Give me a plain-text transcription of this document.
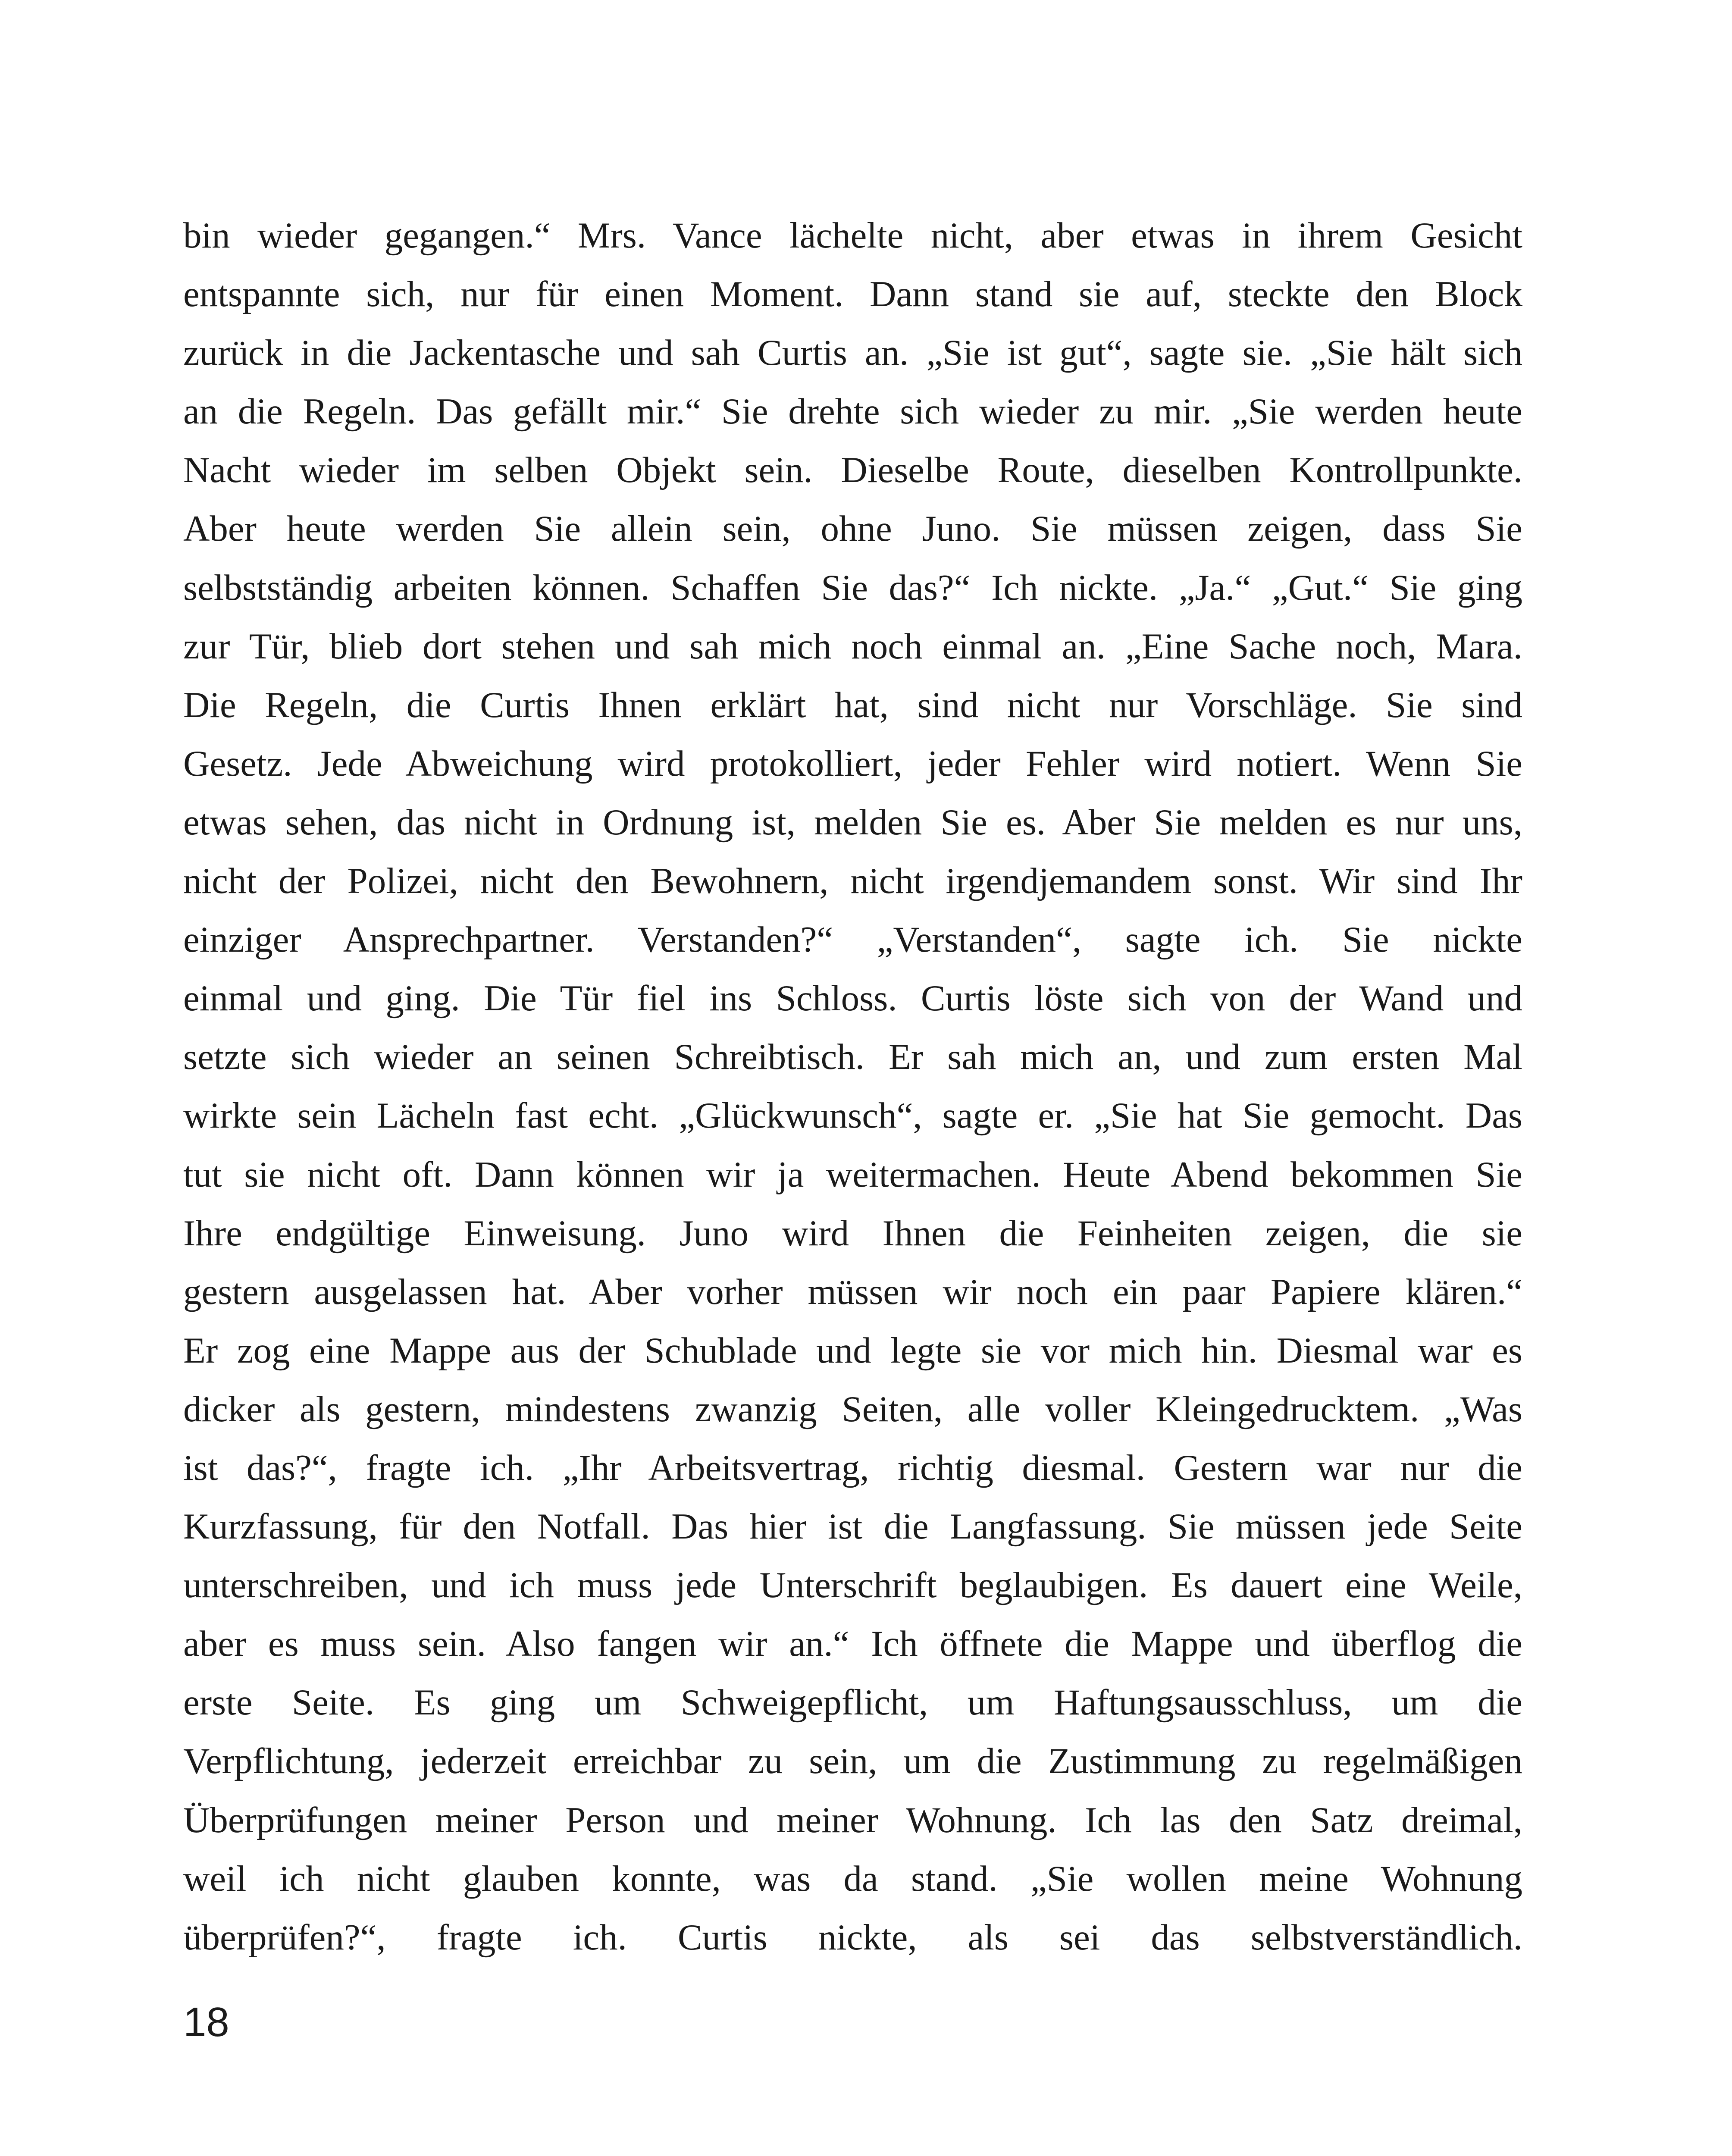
bin wieder gegangen.“ Mrs. Vance lächelte nicht, aber etwas in ihrem Gesicht
entspannte sich, nur für einen Moment. Dann stand sie auf, steckte den Block
zurück in die Jackentasche und sah Curtis an. „Sie ist gut“, sagte sie. „Sie hält sich
an die Regeln. Das gefällt mir.“ Sie drehte sich wieder zu mir. „Sie werden heute
Nacht wieder im selben Objekt sein. Dieselbe Route, dieselben Kontrollpunkte.
Aber heute werden Sie allein sein, ohne Juno. Sie müssen zeigen, dass Sie
selbstständig arbeiten können. Schaffen Sie das?“ Ich nickte. „Ja.“ „Gut.“ Sie ging
zur Tür, blieb dort stehen und sah mich noch einmal an. „Eine Sache noch, Mara.
Die Regeln, die Curtis Ihnen erklärt hat, sind nicht nur Vorschläge. Sie sind
Gesetz. Jede Abweichung wird protokolliert, jeder Fehler wird notiert. Wenn Sie
etwas sehen, das nicht in Ordnung ist, melden Sie es. Aber Sie melden es nur uns,
nicht der Polizei, nicht den Bewohnern, nicht irgendjemandem sonst. Wir sind Ihr
einziger Ansprechpartner. Verstanden?“ „Verstanden“, sagte ich. Sie nickte
einmal und ging. Die Tür fiel ins Schloss. Curtis löste sich von der Wand und
setzte sich wieder an seinen Schreibtisch. Er sah mich an, und zum ersten Mal
wirkte sein Lächeln fast echt. „Glückwunsch“, sagte er. „Sie hat Sie gemocht. Das
tut sie nicht oft. Dann können wir ja weitermachen. Heute Abend bekommen Sie
Ihre endgültige Einweisung. Juno wird Ihnen die Feinheiten zeigen, die sie
gestern ausgelassen hat. Aber vorher müssen wir noch ein paar Papiere klären.“
Er zog eine Mappe aus der Schublade und legte sie vor mich hin. Diesmal war es
dicker als gestern, mindestens zwanzig Seiten, alle voller Kleingedrucktem. „Was
ist das?“, fragte ich. „Ihr Arbeitsvertrag, richtig diesmal. Gestern war nur die
Kurzfassung, für den Notfall. Das hier ist die Langfassung. Sie müssen jede Seite
unterschreiben, und ich muss jede Unterschrift beglaubigen. Es dauert eine Weile,
aber es muss sein. Also fangen wir an.“ Ich öffnete die Mappe und überflog die
erste Seite. Es ging um Schweigepflicht, um Haftungsausschluss, um die
Verpflichtung, jederzeit erreichbar zu sein, um die Zustimmung zu regelmäßigen
Überprüfungen meiner Person und meiner Wohnung. Ich las den Satz dreimal,
weil ich nicht glauben konnte, was da stand. „Sie wollen meine Wohnung
überprüfen?“, fragte ich. Curtis nickte, als sei das selbstverständlich.
18
